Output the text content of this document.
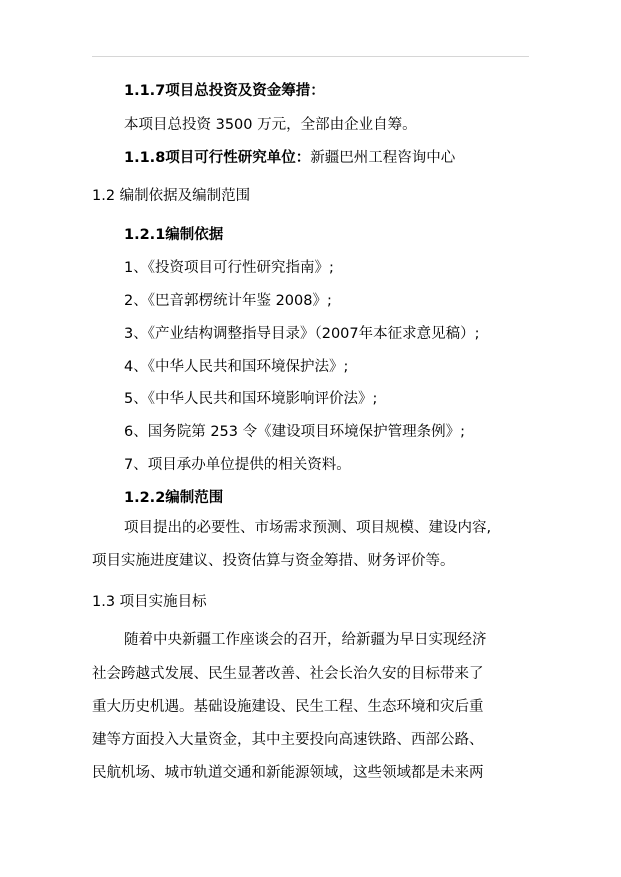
1.1.7项目总投资及资金筹措：
本项目总投资 3500 万元，全部由企业自筹。
1.1.8项目可行性研究单位：新疆巴州工程咨询中心
1.2 编制依据及编制范围
1.2.1编制依据
1、《投资项目可行性研究指南》;
2、《巴音郭楞统计年鉴 2008》;
3、《产业结构调整指导目录》（2007年本征求意见稿）;
4、《中华人民共和国环境保护法》;
5、《中华人民共和国环境影响评价法》;
6、国务院第 253 令《建设项目环境保护管理条例》;
7、项目承办单位提供的相关资料。
1.2.2编制范围
项目提出的必要性、市场需求预测、项目规模、建设内容,
项目实施进度建议、投资估算与资金筹措、财务评价等。
1.3 项目实施目标
随着中央新疆工作座谈会的召开，给新疆为早日实现经济
社会跨越式发展、民生显著改善、社会长治久安的目标带来了
重大历史机遇。基础设施建设、民生工程、生态环境和灾后重
建等方面投入大量资金，其中主要投向高速铁路、西部公路、
民航机场、城市轨道交通和新能源领域，这些领域都是未来两
